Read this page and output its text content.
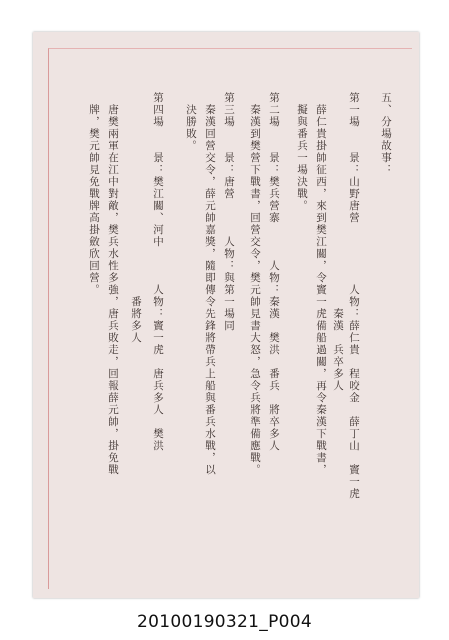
五、分場故事：

第一場　　景：山野唐營　　　　　人物：薛仁貴　程咬金　薛丁山　竇一虎

　　　　　　　　　　　　　　　　　　秦漢　兵卒多人

　薛仁貴掛帥征西，來到樊江關，令竇一虎備船過關，再令秦漢下戰書，

　擬與番兵一場決戰。

第二場　　景：樊兵營寨　　　人物：秦漢　樊洪　番兵　將卒多人

　秦漢到樊營下戰書，回營交令，樊元帥見書大怒，急令兵將準備應戰。

第三場　　景：唐營　　　人物：與第一場同

　秦漢回營交令，薛元帥嘉獎，隨即傳令先鋒將帶兵上船與番兵水戰，以

　決勝敗。

第四場　　景：樊江關、河中　　　人物：竇一虎　唐兵多人　樊洪

　　　　　　　　　　　　　　　　　番將多人

　唐樊兩軍在江中對敵，樊兵水性多強，唐兵敗走，回報薛元帥，掛免戰

　牌，樊元帥見免戰牌高掛斂欣回營。

20100190321_P004
